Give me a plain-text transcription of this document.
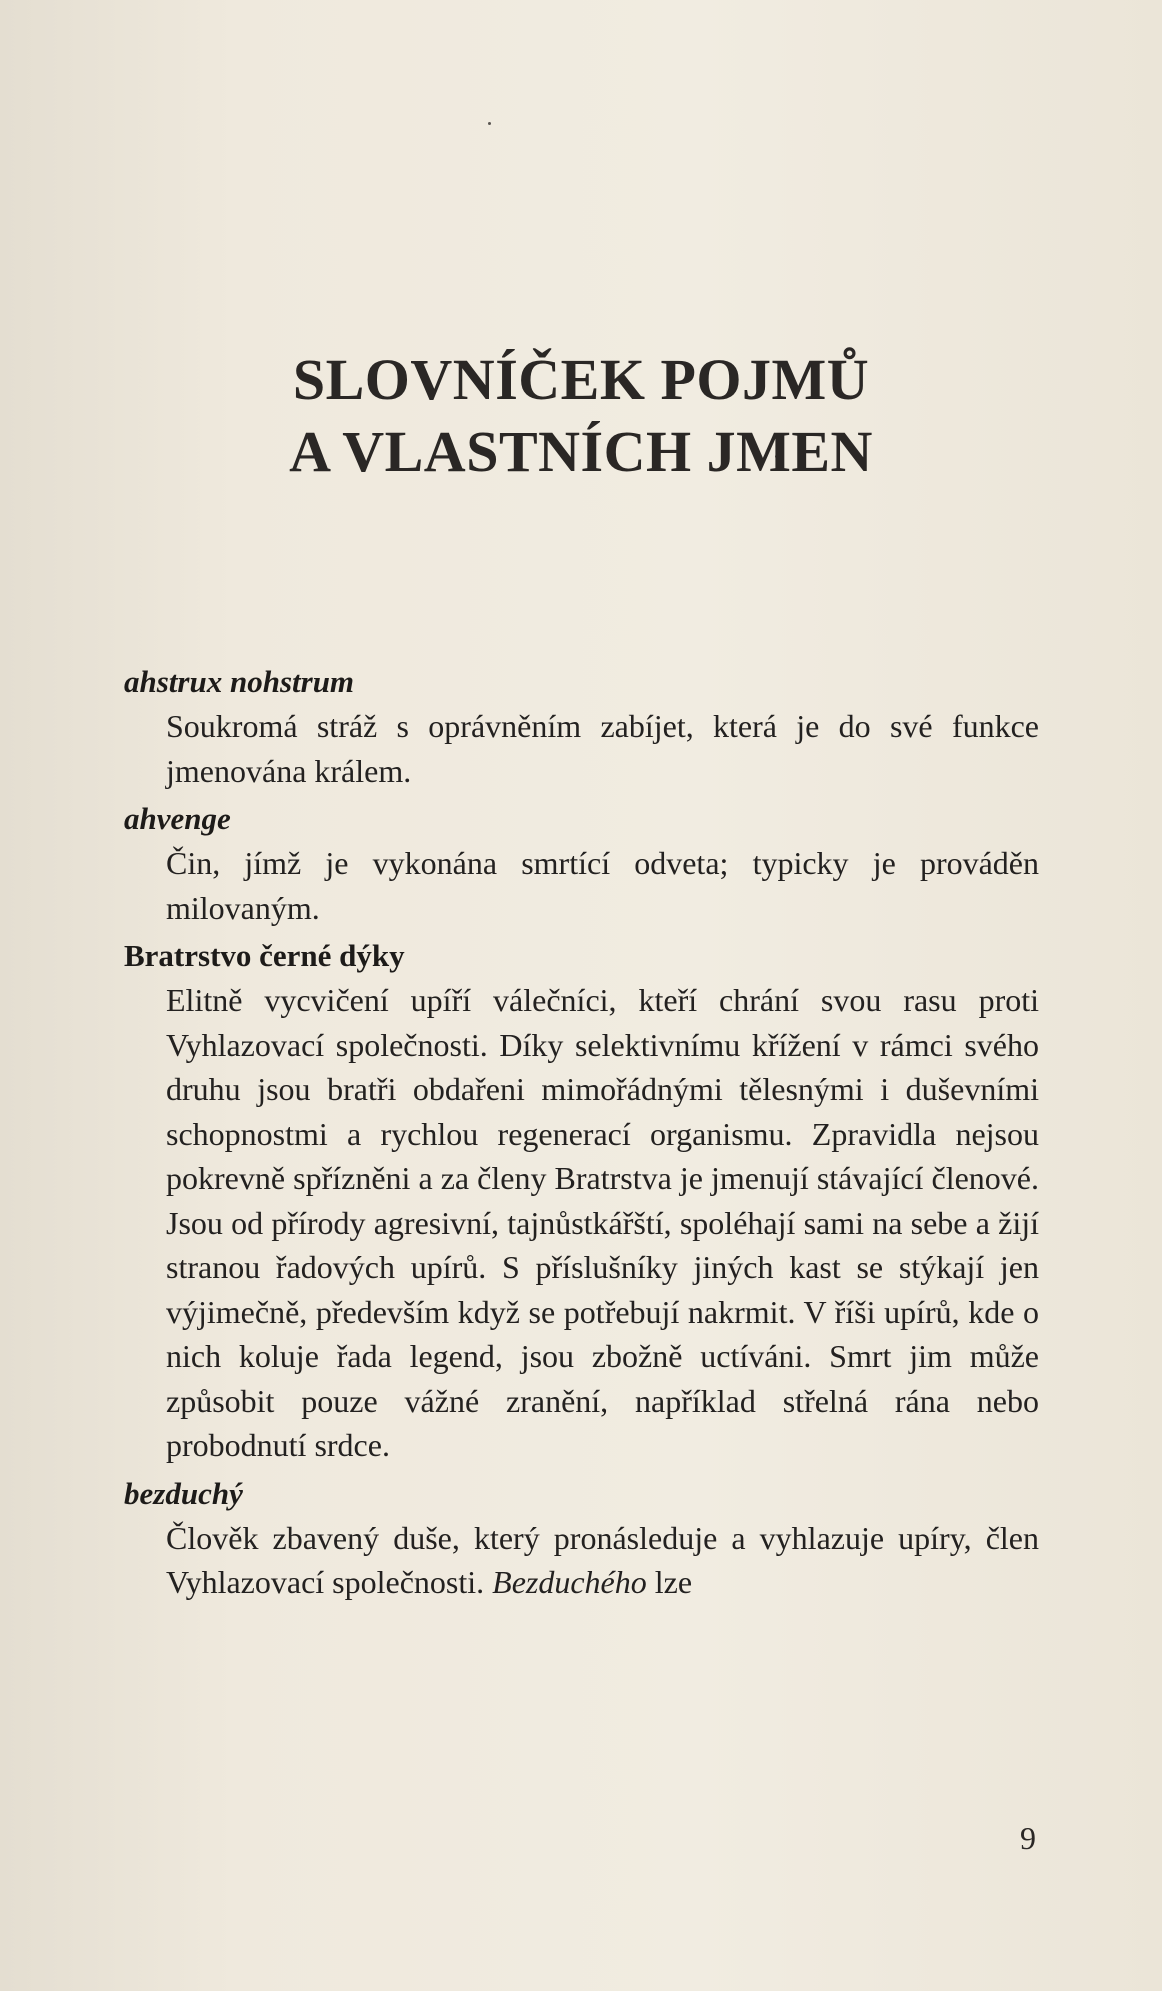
SLOVNÍČEK POJMŮ
A VLASTNÍCH JMEN

ahstrux nohstrum

Soukromá stráž s oprávněním zabíjet, která je do své funkce jmenována králem.

ahvenge

Čin, jímž je vykonána smrtící odveta; typicky je prováděn milovaným.

Bratrstvo černé dýky

Elitně vycvičení upíří válečníci, kteří chrání svou rasu proti Vyhlazovací společnosti. Díky selektivnímu křížení v rámci svého druhu jsou bratři obdařeni mimořádnými tělesnými i duševními schopnostmi a rychlou regenerací organismu. Zpravidla nejsou pokrevně spřízněni a za členy Bratrstva je jmenují stávající členové. Jsou od přírody agresivní, tajnůstkářští, spoléhají sami na sebe a žijí stranou řadových upírů. S příslušníky jiných kast se stýkají jen výjimečně, především když se potřebují nakrmit. V říši upírů, kde o nich koluje řada legend, jsou zbožně uctíváni. Smrt jim může způsobit pouze vážné zranění, například střelná rána nebo probodnutí srdce.

bezduchý

Člověk zbavený duše, který pronásleduje a vyhlazuje upíry, člen Vyhlazovací společnosti. Bezduchého lze

9
